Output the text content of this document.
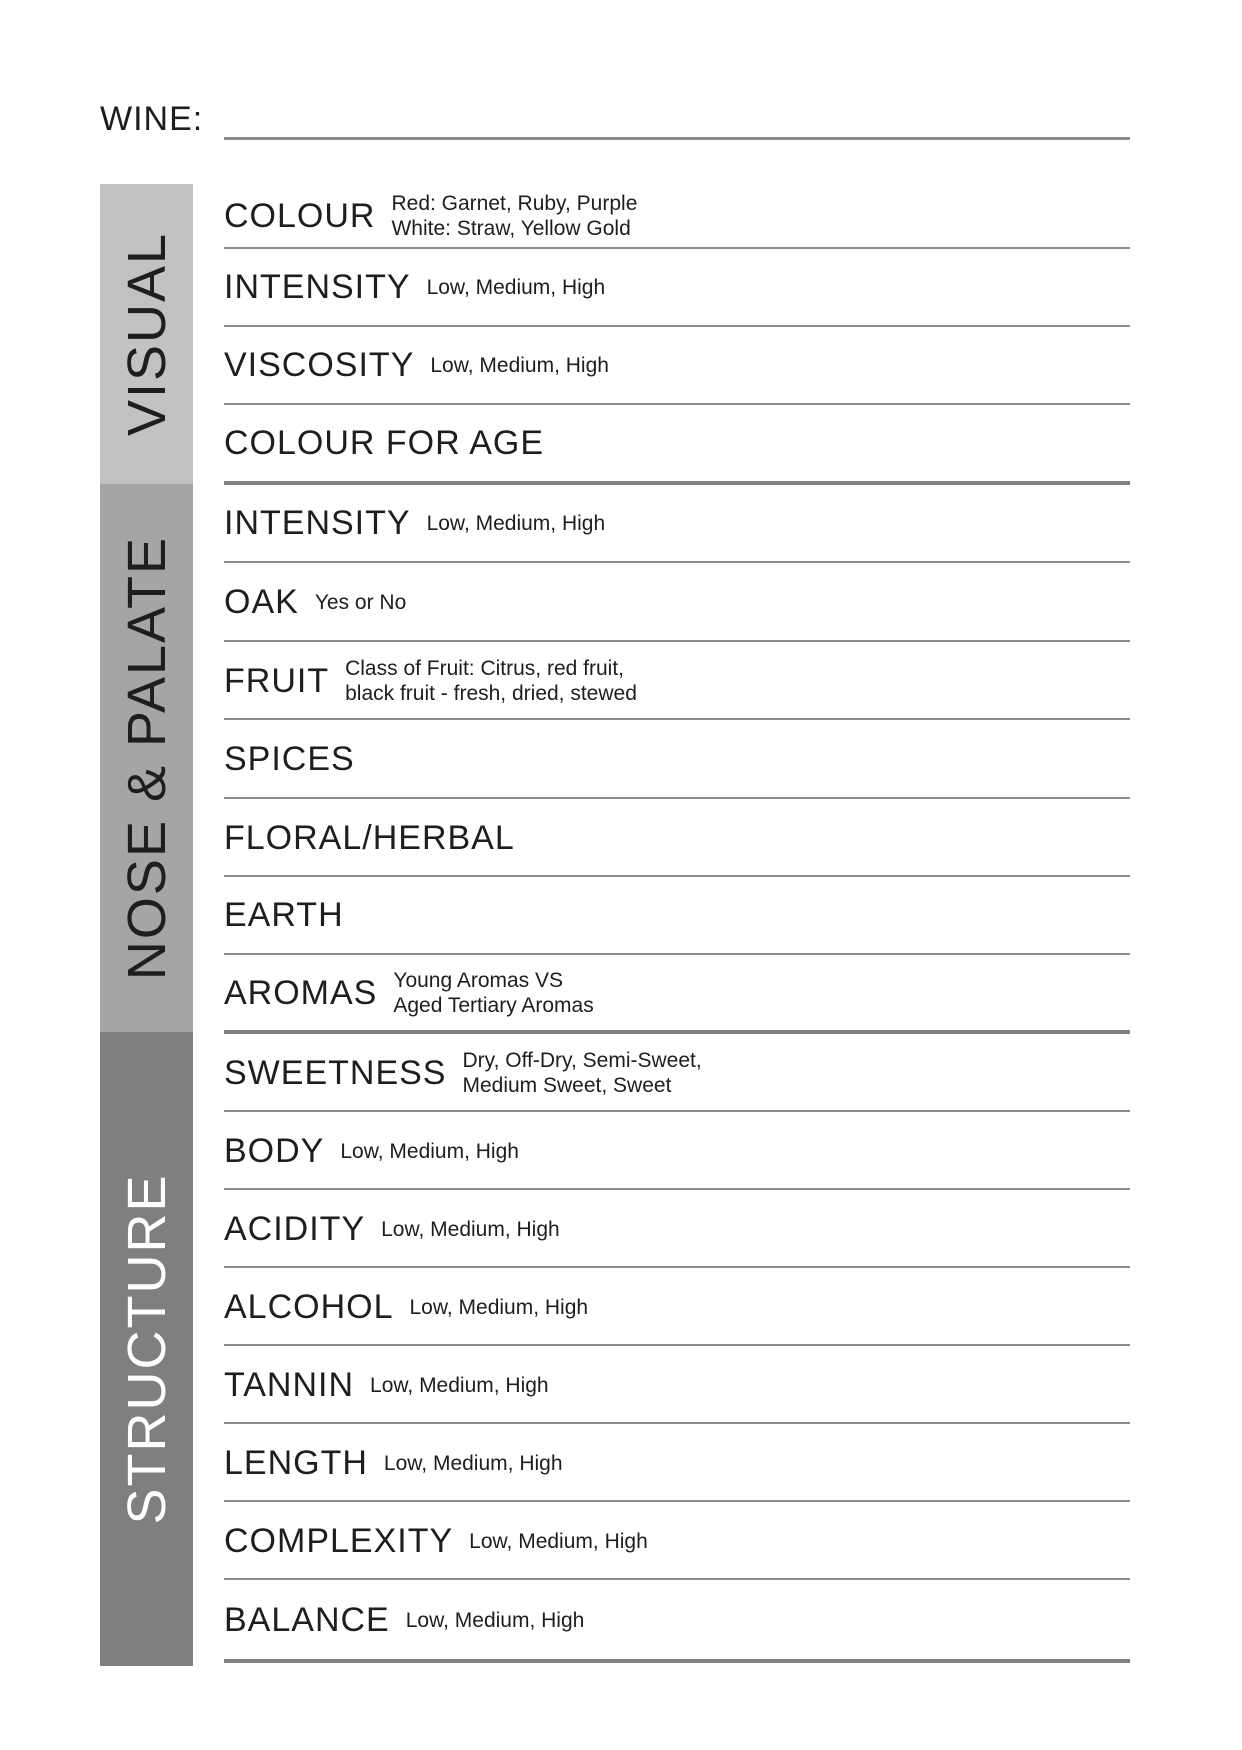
WINE:
VISUAL
NOSE & PALATE
STRUCTURE
COLOUR Red: Garnet, Ruby, Purple
White: Straw, Yellow Gold
INTENSITY Low, Medium, High
VISCOSITY Low, Medium, High
COLOUR FOR AGE
INTENSITY Low, Medium, High
OAK Yes or No
FRUIT Class of Fruit: Citrus, red fruit,
black fruit - fresh, dried, stewed
SPICES
FLORAL/HERBAL
EARTH
AROMAS Young Aromas VS
Aged Tertiary Aromas
SWEETNESS Dry, Off-Dry, Semi-Sweet,
Medium Sweet, Sweet
BODY Low, Medium, High
ACIDITY Low, Medium, High
ALCOHOL Low, Medium, High
TANNIN Low, Medium, High
LENGTH Low, Medium, High
COMPLEXITY Low, Medium, High
BALANCE Low, Medium, High
